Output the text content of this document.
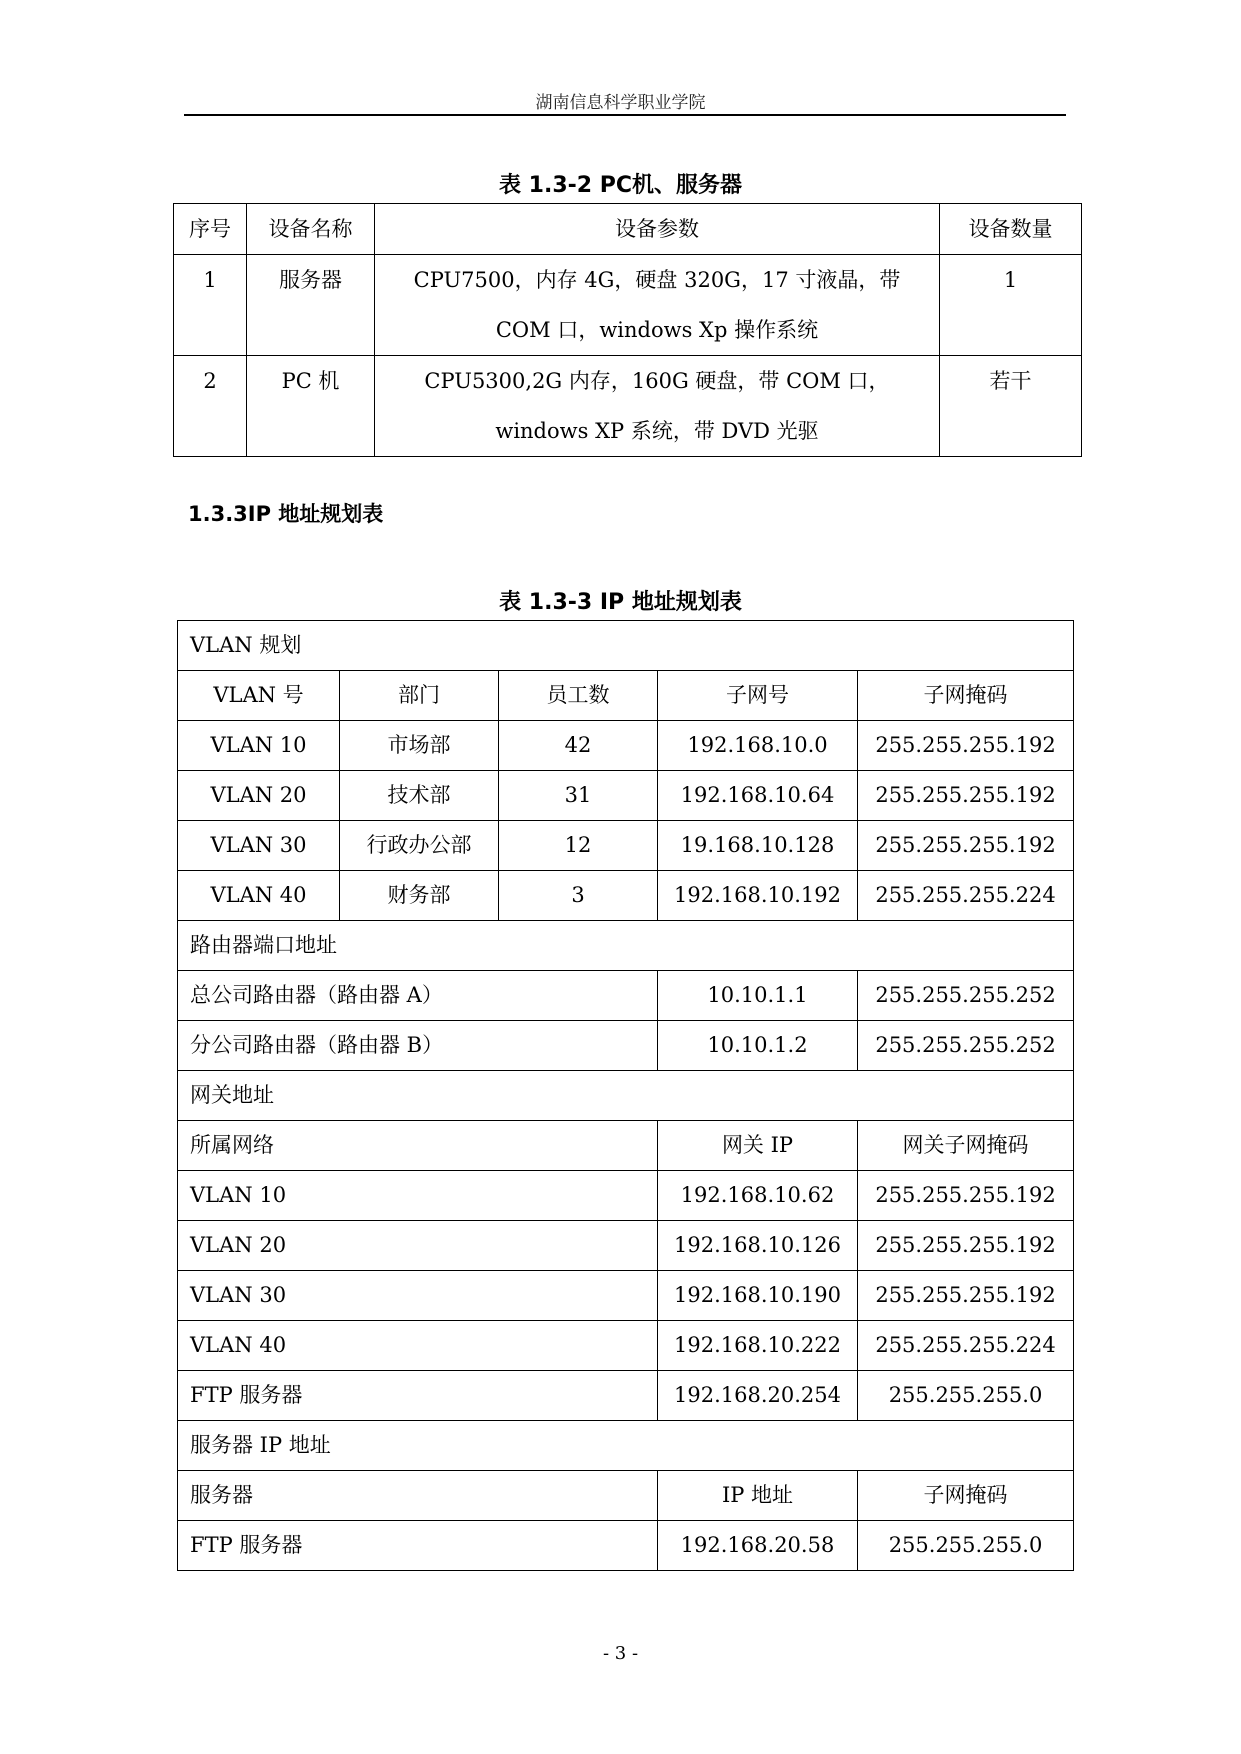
湖南信息科学职业学院
表 1.3-2 PC机、服务器
序号	设备名称	设备参数	设备数量
1	服务器	CPU7500，内存 4G，硬盘 320G，17 寸液晶，带
COM 口，windows Xp 操作系统	1
2	PC 机	CPU5300,2G 内存，160G 硬盘，带 COM 口，
windows XP 系统，带 DVD 光驱	若干
1.3.3IP 地址规划表
表 1.3-3 IP 地址规划表
VLAN 规划				
VLAN 号	部门	员工数	子网号	子网掩码
VLAN 10	市场部	42	192.168.10.0	255.255.255.192
VLAN 20	技术部	31	192.168.10.64	255.255.255.192
VLAN 30	行政办公部	12	19.168.10.128	255.255.255.192
VLAN 40	财务部	3	192.168.10.192	255.255.255.224
路由器端口地址				
总公司路由器（路由器 A）			10.10.1.1	255.255.255.252
分公司路由器（路由器 B）			10.10.1.2	255.255.255.252
网关地址				
所属网络			网关 IP	网关子网掩码
VLAN 10			192.168.10.62	255.255.255.192
VLAN 20			192.168.10.126	255.255.255.192
VLAN 30			192.168.10.190	255.255.255.192
VLAN 40			192.168.10.222	255.255.255.224
FTP 服务器			192.168.20.254	255.255.255.0
服务器 IP 地址				
服务器			IP 地址	子网掩码
FTP 服务器			192.168.20.58	255.255.255.0
- 3 -
